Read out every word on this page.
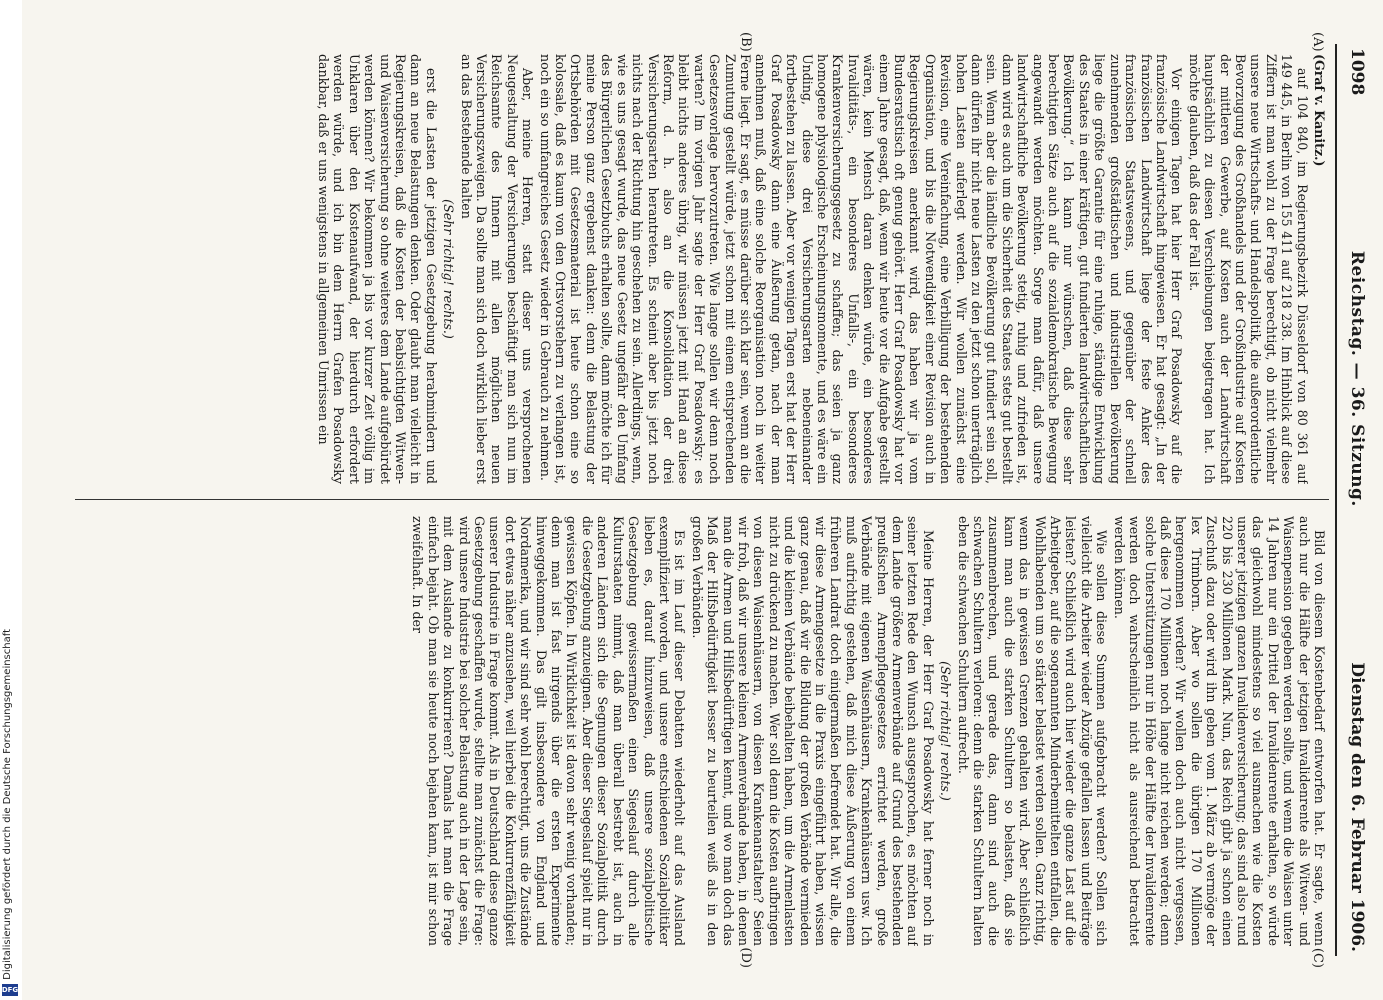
Digitalisierung gefördert durch die Deutsche Forschungsgemeinschaft
DFG
1098
Reichstag. — 36. Sitzung.
Dienstag den 6. Februar 1906.
(A)
(B)
(C)
(D)

(Graf v. Kanitz.)

auf 104 840, im Regierungsbezirk Düsseldorf von 80 361 auf 149 445, in Berlin von 155 411 auf 218 238. Im Hinblick auf diese Ziffern ist man wohl zu der Frage berechtigt, ob nicht vielmehr unsere neue Wirtschafts- und Handelspolitik, die außerordentliche Bevorzugung des Großhandels und der Großindustrie auf Kosten der mittleren Gewerbe, auf Kosten auch der Landwirtschaft hauptsächlich zu diesen Verschiebungen beigetragen hat. Ich möchte glauben, daß das der Fall ist.

Vor einigen Tagen hat hier Herr Graf Posadowsky auf die französische Landwirtschaft hingewiesen. Er hat gesagt: „In der französischen Landwirtschaft liege der feste Anker des französischen Staatswesens, und gegenüber der schnell zunehmenden großstädtischen und industriellen Bevölkerung liege die größte Garantie für eine ruhige, ständige Entwicklung des Staates in einer kräftigen, gut fundierten landwirtschaftlichen Bevölkerung.“ Ich kann nur wünschen, daß diese sehr berechtigten Sätze auch auf die sozialdemokratische Bewegung angewandt werden möchten. Sorge man dafür, daß unsere landwirtschaftliche Bevölkerung stetig, ruhig und zufrieden ist, dann wird es auch um die Sicherheit des Staates stets gut bestellt sein. Wenn aber die ländliche Bevölkerung gut fundiert sein soll, dann dürfen ihr nicht neue Lasten zu den jetzt schon unerträglich hohen Lasten auferlegt werden. Wir wollen zunächst eine Revision, eine Vereinfachung, eine Verbilligung der bestehenden Organisation, und bis die Notwendigkeit einer Revision auch in Regierungskreisen anerkannt wird, das haben wir ja vom Bundesratstisch oft genug gehört. Herr Graf Posadowsky hat vor einem Jahre gesagt, daß, wenn wir heute vor die Aufgabe gestellt wären, kein Mensch daran denken würde, ein besonderes Invaliditäts-, ein besonderes Unfalls-, ein besonderes Krankenversicherungsgesetz zu schaffen; das seien ja ganz homogene physiologische Erscheinungsmomente, und es wäre ein Unding, diese drei Versicherungsarten nebeneinander fortbestehen zu lassen. Aber vor wenigen Tagen erst hat der Herr Graf Posadowsky dann eine Äußerung getan, nach der man annehmen muß, daß eine solche Reorganisation noch in weiter Ferne liegt. Er sagt, es müsse darüber sich klar sein, wenn an die Zumutung gestellt würde, jetzt schon mit einem entsprechenden Gesetzesvorlage hervorzutreten. Wie lange sollen wir denn noch warten? Im vorigen Jahr sagte der Herr Graf Posadowsky: es bleibt nichts anderes übrig, wir müssen jetzt mit Hand an diese Reform, d. h. also an die Konsolidation der drei Versicherungsarten herantreten. Es scheint aber bis jetzt noch nichts nach der Richtung hin geschehen zu sein. Allerdings, wenn, wie es uns gesagt wurde, das neue Gesetz ungefähr den Umfang des Bürgerlichen Gesetzbuchs erhalten sollte, dann möchte ich für meine Person ganz ergebenst danken: denn die Belastung der Ortsbehörden mit Gesetzesmaterial ist heute schon eine so kolossale, daß es kaum von den Ortsvorstehern zu verlangen ist, noch ein so umfangreiches Gesetz wieder in Gebrauch zu nehmen.

Aber, meine Herren, statt dieser uns versprochenen Neugestaltung der Versicherungen beschäftigt man sich nun im Reichsamte des Innern mit allen möglichen neuen Versicherungszweigen. Da sollte man sich doch wirklich lieber erst an das Bestehende halten

(Sehr richtig! rechts.)

erst die Lasten der jetzigen Gesetzgebung herabmindern und dann an neue Belastungen denken. Oder glaubt man vielleicht in Regierungskreisen, daß die Kosten der beabsichtigten Witwen- und Waisenversicherung so ohne weiteres dem Lande aufgebürdet werden können? Wir bekommen ja bis vor kurzer Zeit völlig im Unklaren über den Kostenaufwand, der hierdurch erfordert werden würde, und ich bin dem Herrn Grafen Posadowsky dankbar, daß er uns wenigstens in allgemeinen Umrissen ein

Bild von diesem Kostenbedarf entworfen hat. Er sagte, wenn auch nur die Hälfte der jetzigen Invalidenrente als Witwen- und Waisenpension gegeben werden sollte, und wenn die Waisen unter 14 Jahren nur ein Drittel der Invalidenrente erhalten, so würde das gleichwohl mindestens so viel ausmachen wie die Kosten unserer jetzigen ganzen Invalidenversicherung; das sind also rund 220 bis 230 Millionen Mark. Nun, das Reich gibt ja schon einen Zuschuß dazu oder wird ihn geben vom 1. März ab vermöge der lex Trimborn. Aber wo sollen die übrigen 170 Millionen hergenommen werden? Wir wollen doch auch nicht vergessen, daß diese 170 Millionen noch lange nicht reichen werden; denn solche Unterstützungen nur in Höhe der Hälfte der Invalidenrente werden doch wahrscheinlich nicht als ausreichend betrachtet werden können.

Wie sollen diese Summen aufgebracht werden? Sollen sich vielleicht die Arbeiter wieder Abzüge gefallen lassen und Beiträge leisten? Schließlich wird auch hier wieder die ganze Last auf die Arbeitgeber, auf die sogenannten Minderbemittelten entfallen, die Wohlhabenden um so stärker belastet werden sollen. Ganz richtig, wenn das in gewissen Grenzen gehalten wird. Aber schließlich kann man auch die starken Schultern so belasten, daß sie zusammenbrechen, und gerade das, dann sind auch die schwachen Schultern verloren: denn die starken Schultern halten eben die schwachen Schultern aufrecht.

(Sehr richtig! rechts.)

Meine Herren, der Herr Graf Posadowsky hat ferner noch in seiner letzten Rede den Wunsch ausgesprochen, es möchten auf dem Lande größere Armenverbände auf Grund des bestehenden preußischen Armenpflegegesetzes errichtet werden, große Verbände mit eigenen Waisenhäusern, Krankenhäusern usw. Ich muß aufrichtig gestehen, daß mich diese Äußerung von einem früheren Landrat doch einigermaßen befremdet hat. Wir alle, die wir diese Armengesetze in die Praxis eingeführt haben, wissen ganz genau, daß wir die Bildung der großen Verbände vermieden und die kleinen Verbände beibehalten haben, um die Armenlasten nicht zu drückend zu machen. Wer soll denn die Kosten aufbringen von diesen Waisenhäusern, von diesen Krankenanstalten? Seien wir froh, daß wir unsere kleinen Armenverbände haben, in denen man die Armen und Hilfsbedürftigen kennt, und wo man doch das Maß der Hilfsbedürftigkeit besser zu beurteilen weiß als in den großen Verbänden.

Es ist im Lauf dieser Debatten wiederholt auf das Ausland exemplifiziert worden, und unsere entschiedenen Sozialpolitiker lieben es, darauf hinzuweisen, daß unsere sozialpolitische Gesetzgebung gewissermaßen einen Siegeslauf durch alle Kulturstaaten nimmt, daß man überall bestrebt ist, auch in anderen Ländern sich die Segnungen dieser Sozialpolitik durch die Gesetzgebung anzueignen. Aber dieser Siegeslauf spielt nur in gewissen Köpfen. In Wirklichkeit ist davon sehr wenig vorhanden; denn man ist fast nirgends über die ersten Experimente hinweggekommen. Das gilt insbesondere von England und Nordamerika, und wir sind sehr wohl berechtigt, uns die Zustände dort etwas näher anzusehen, weil hierbei die Konkurrenzfähigkeit unserer Industrie in Frage kommt. Als in Deutschland diese ganze Gesetzgebung geschaffen wurde, stellte man zunächst die Frage: wird unsere Industrie bei solcher Belastung auch in der Lage sein, mit dem Auslande zu konkurrieren? Damals hat man die Frage einfach bejaht. Ob man sie heute noch bejahen kann, ist mir schon zweifelhaft. In der
